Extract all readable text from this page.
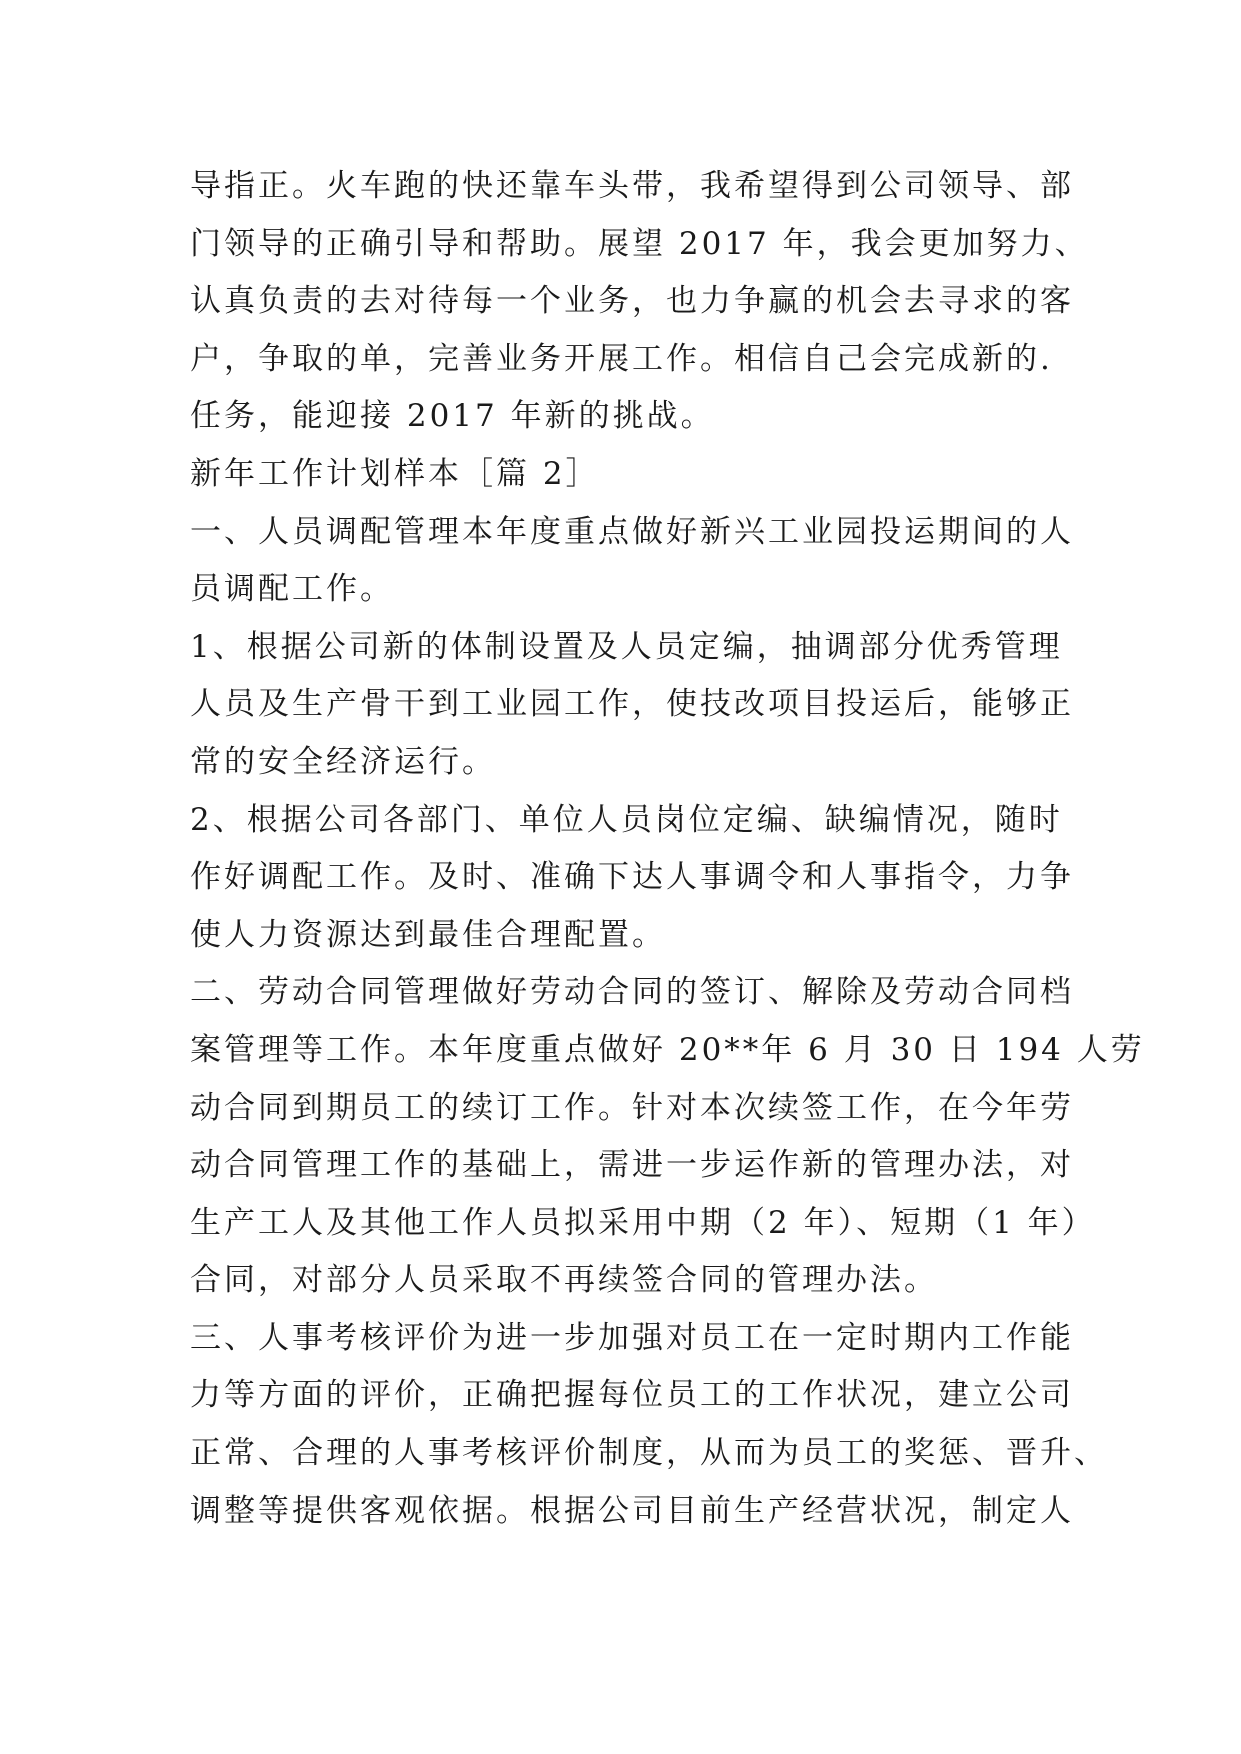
导指正。火车跑的快还靠车头带，我希望得到公司领导、部
门领导的正确引导和帮助。展望 2017 年，我会更加努力、
认真负责的去对待每一个业务，也力争赢的机会去寻求的客
户，争取的单，完善业务开展工作。相信自己会完成新的.
任务，能迎接 2017 年新的挑战。
新年工作计划样本［篇 2］
一、人员调配管理本年度重点做好新兴工业园投运期间的人
员调配工作。
1、根据公司新的体制设置及人员定编，抽调部分优秀管理
人员及生产骨干到工业园工作，使技改项目投运后，能够正
常的安全经济运行。
2、根据公司各部门、单位人员岗位定编、缺编情况，随时
作好调配工作。及时、准确下达人事调令和人事指令，力争
使人力资源达到最佳合理配置。
二、劳动合同管理做好劳动合同的签订、解除及劳动合同档
案管理等工作。本年度重点做好 20**年 6 月 30 日 194 人劳
动合同到期员工的续订工作。针对本次续签工作，在今年劳
动合同管理工作的基础上，需进一步运作新的管理办法，对
生产工人及其他工作人员拟采用中期（2 年）、短期（1 年）
合同，对部分人员采取不再续签合同的管理办法。
三、人事考核评价为进一步加强对员工在一定时期内工作能
力等方面的评价，正确把握每位员工的工作状况，建立公司
正常、合理的人事考核评价制度，从而为员工的奖惩、晋升、
调整等提供客观依据。根据公司目前生产经营状况，制定人
